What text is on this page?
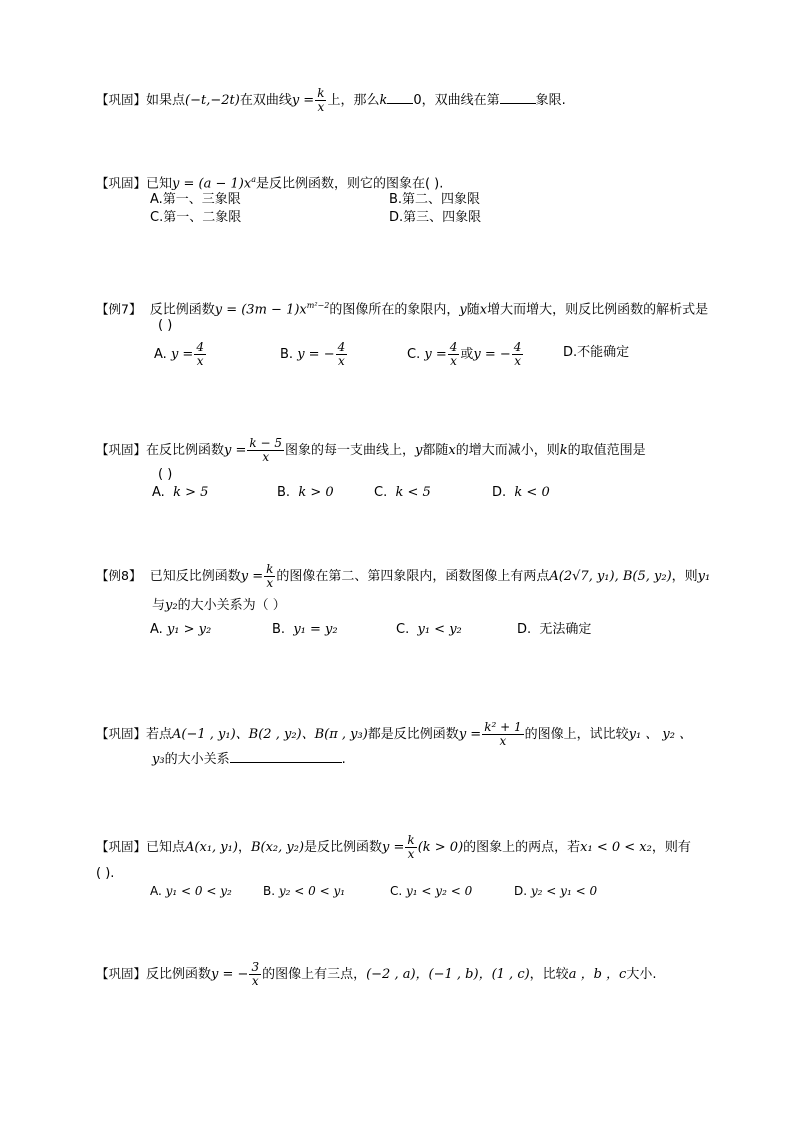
【巩固】如果点(−t,−2t)在双曲线$y = \frac{k}{x}$ 上，那么k 0，双曲线在第	象限.
【巩固】已知$y = (a - 1)x^a$是反比例函数，则它的图象在( ).
A.第一、三象限	B.第二、四象限
C.第一、二象限	D.第三、四象限
【例7】 反比例函数$y = (3m - 1)x^{m^2-2}$的图像所在的象限内，y随x增大而增大，则反比例函数的解析式是
( )
A. $y = \frac{4}{x}$	B. y = − $\frac{4}{x}$	C. $y = \frac{4}{x}$ 或y = − $\frac{4}{x}$	D.不能确定
【巩固】在反比例函数$y = \frac{k - 5}{x}$ 图象的每一支曲线上，y都随x的增大而减小，则k的取值范围是
( )
A. k > 5	B. k > 0	C. k < 5	D. k < 0
【例8】 已知反比例函数$y = \frac{k}{x}$ 的图像在第二、第四象限内，函数图像上有两点A(2√7, y₁), B(5, y₂)，则y₁
与y₂的大小关系为（ ）
A. y₁ > y₂	B. y₁ = y₂	C. y₁ < y₂	D. 无法确定
【巩固】若点A(−1 , y₁)、B(2 , y₂)、B(π , y₃)都是反比例函数$y = \frac{\text{k² + 1}}{x}$ 的图像上，试比较y₁ 、 y₂ 、
y₃的大小关系	.
【巩固】已知点A(x₁, y₁)，B(x₂, y₂)是反比例函数$y = \frac{k}{x} (k > 0)$的图象上的两点，若x₁ < 0 < x₂，则有
( ).
A. y₁ < 0 < y₂	B. y₂ < 0 < y₁	C. y₁ < y₂ < 0	D. y₂ < y₁ < 0
【巩固】反比例函数y = − $\frac{3}{x}$ 的图像上有三点，(−2 , a)，(−1 , b)，(1 , c)，比较a ，b ，c大小.
